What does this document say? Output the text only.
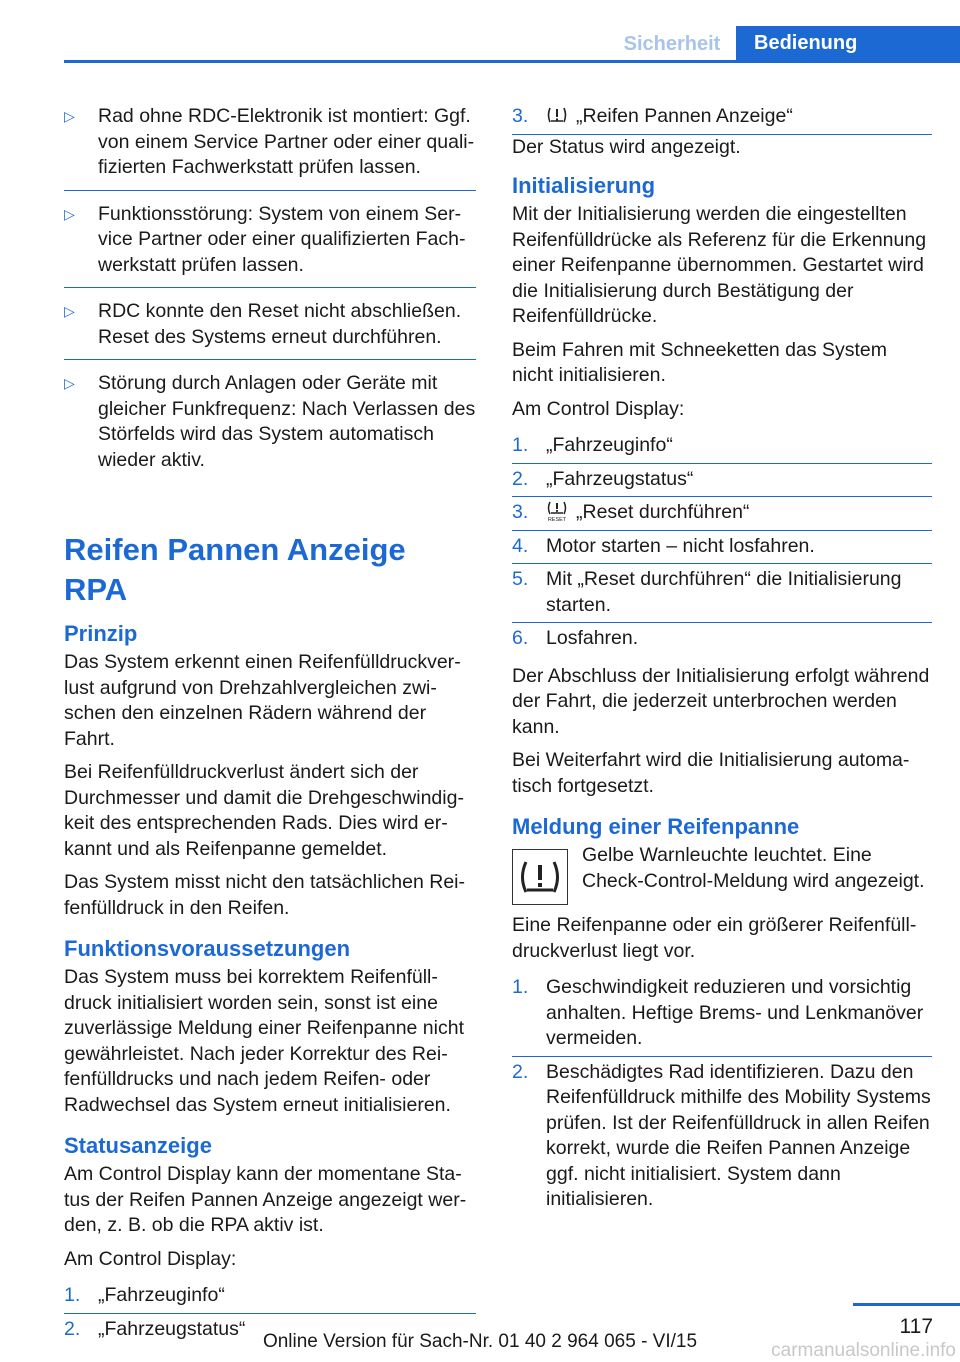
Sicherheit	Bedienung
▷	Rad ohne RDC-Elektronik ist montiert: Ggf. von einem Service Partner oder einer qualifizierten Fachwerkstatt prüfen lassen.
▷	Funktionsstörung: System von einem Service Partner oder einer qualifizierten Fachwerkstatt prüfen lassen.
▷	RDC konnte den Reset nicht abschließen. Reset des Systems erneut durchführen.
▷	Störung durch Anlagen oder Geräte mit gleicher Funkfrequenz: Nach Verlassen des Störfelds wird das System automatisch wieder aktiv.
Reifen Pannen Anzeige RPA
Prinzip

Das System erkennt einen Reifenfülldruckverlust aufgrund von Drehzahlvergleichen zwischen den einzelnen Rädern während der Fahrt.

Bei Reifenfülldruckverlust ändert sich der Durchmesser und damit die Drehgeschwindigkeit des entsprechenden Rads. Dies wird erkannt und als Reifenpanne gemeldet.

Das System misst nicht den tatsächlichen Reifenfülldruck in den Reifen.

Funktionsvoraussetzungen

Das System muss bei korrektem Reifenfülldruck initialisiert worden sein, sonst ist eine zuverlässige Meldung einer Reifenpanne nicht gewährleistet. Nach jeder Korrektur des Reifenfülldrucks und nach jedem Reifen- oder Radwechsel das System erneut initialisieren.

Statusanzeige

Am Control Display kann der momentane Status der Reifen Pannen Anzeige angezeigt werden, z. B. ob die RPA aktiv ist.

Am Control Display:

1. „Fahrzeuginfo“
2. „Fahrzeugstatus“
3.	„Reifen Pannen Anzeige“

Der Status wird angezeigt.

Initialisierung

Mit der Initialisierung werden die eingestellten Reifenfülldrücke als Referenz für die Erkennung einer Reifenpanne übernommen. Gestartet wird die Initialisierung durch Bestätigung der Reifenfülldrücke.

Beim Fahren mit Schneeketten das System nicht initialisieren.

Am Control Display:

1. „Fahrzeuginfo“
2. „Fahrzeugstatus“
3.	RESET „Reset durchführen“
4. Motor starten – nicht losfahren.
5. Mit „Reset durchführen“ die Initialisierung starten.
6. Losfahren.

Der Abschluss der Initialisierung erfolgt während der Fahrt, die jederzeit unterbrochen werden kann.

Bei Weiterfahrt wird die Initialisierung automatisch fortgesetzt.

Meldung einer Reifenpanne
Gelbe Warnleuchte leuchtet. Eine Check-Control-Meldung wird angezeigt.

Eine Reifenpanne oder ein größerer Reifenfülldruckverlust liegt vor.

1. Geschwindigkeit reduzieren und vorsichtig anhalten. Heftige Brems- und Lenkmanöver vermeiden.
2. Beschädigtes Rad identifizieren. Dazu den Reifenfülldruck mithilfe des Mobility Systems prüfen. Ist der Reifenfülldruck in allen Reifen korrekt, wurde die Reifen Pannen Anzeige ggf. nicht initialisiert. System dann initialisieren.
117
Online Version für Sach-Nr. 01 40 2 964 065 - VI/15	carmanualsonline.info
